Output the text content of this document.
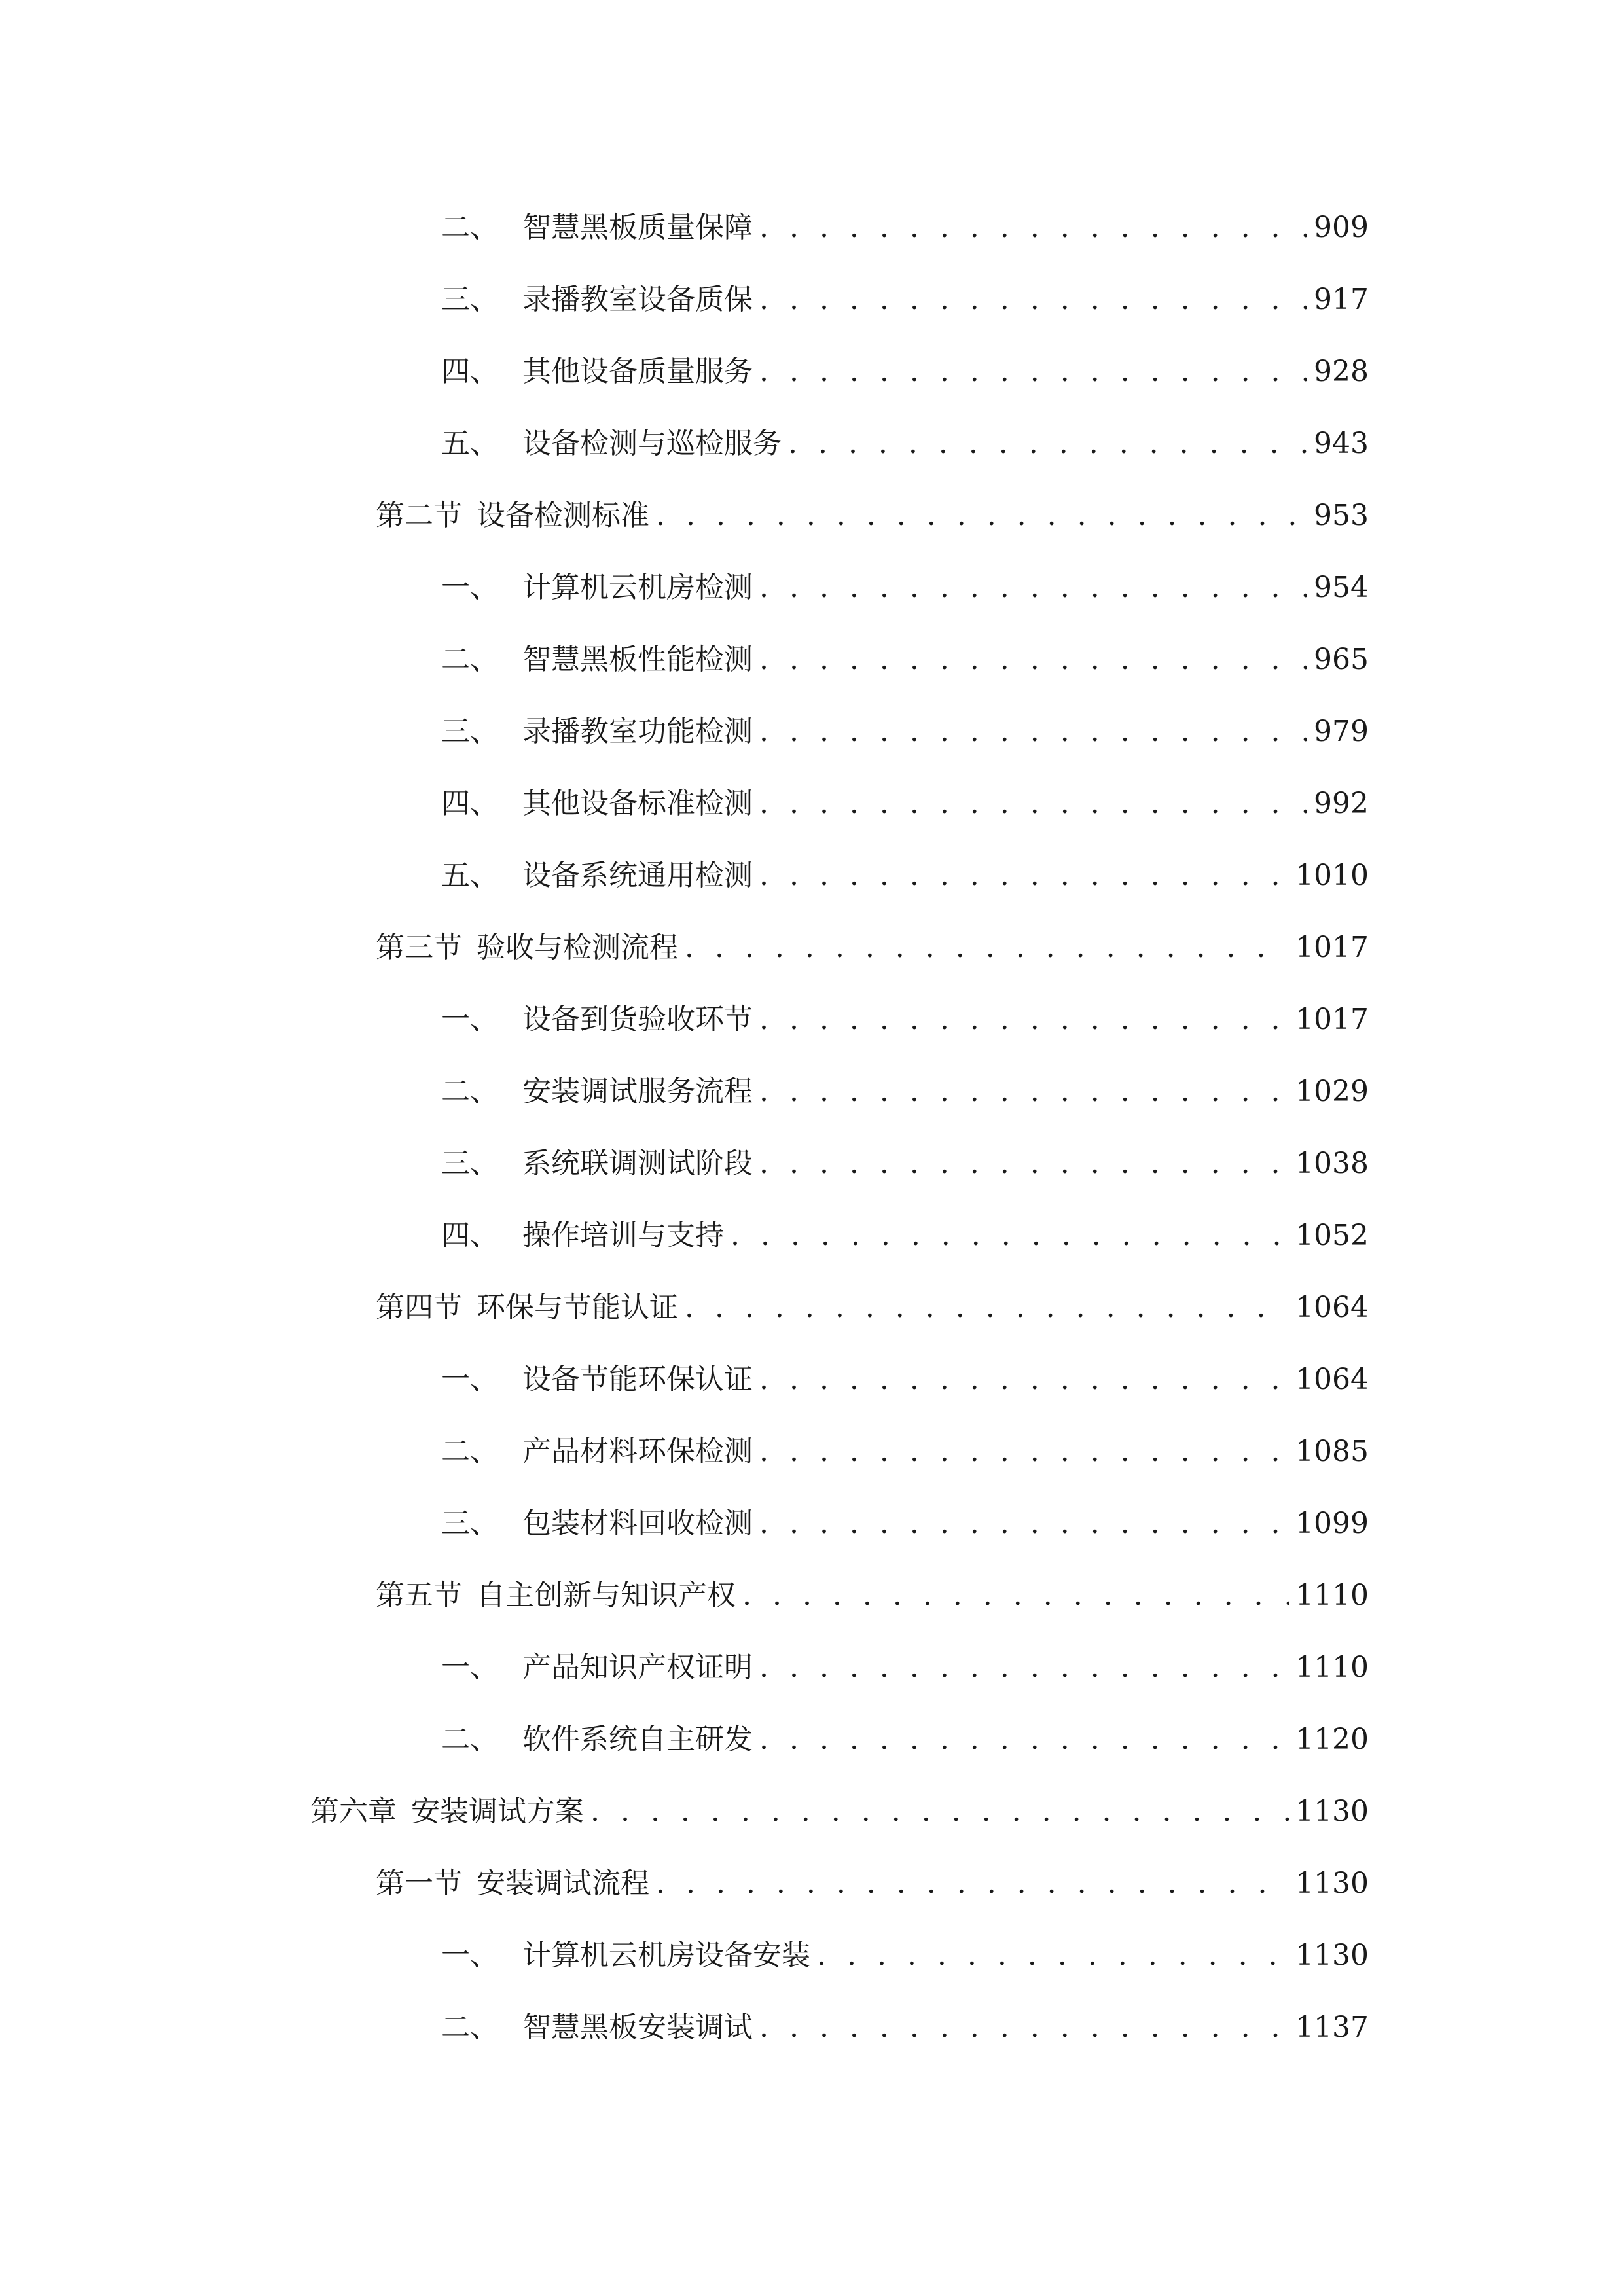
二、 智慧黑板质量保障 . . .	909
三、 录播教室设备质保 . . .	917
四、 其他设备质量服务 . . .	928
五、 设备检测与巡检服务 . . .	943
第二节 设备检测标准 . . .	953
一、 计算机云机房检测 . . .	954
二、 智慧黑板性能检测 . . .	965
三、 录播教室功能检测 . . .	979
四、 其他设备标准检测 . . .	992
五、 设备系统通用检测 . . .	1010
第三节 验收与检测流程 . . .	1017
一、 设备到货验收环节 . . .	1017
二、 安装调试服务流程 . . .	1029
三、 系统联调测试阶段 . . .	1038
四、 操作培训与支持 . . .	1052
第四节 环保与节能认证 . . .	1064
一、 设备节能环保认证 . . .	1064
二、 产品材料环保检测 . . .	1085
三、 包装材料回收检测 . . .	1099
第五节 自主创新与知识产权 . . .	1110
一、 产品知识产权证明 . . .	1110
二、 软件系统自主研发 . . .	1120
第六章 安装调试方案 . . .	1130
第一节 安装调试流程 . . .	1130
一、 计算机云机房设备安装 . . .	1130
二、 智慧黑板安装调试 . . .	1137
